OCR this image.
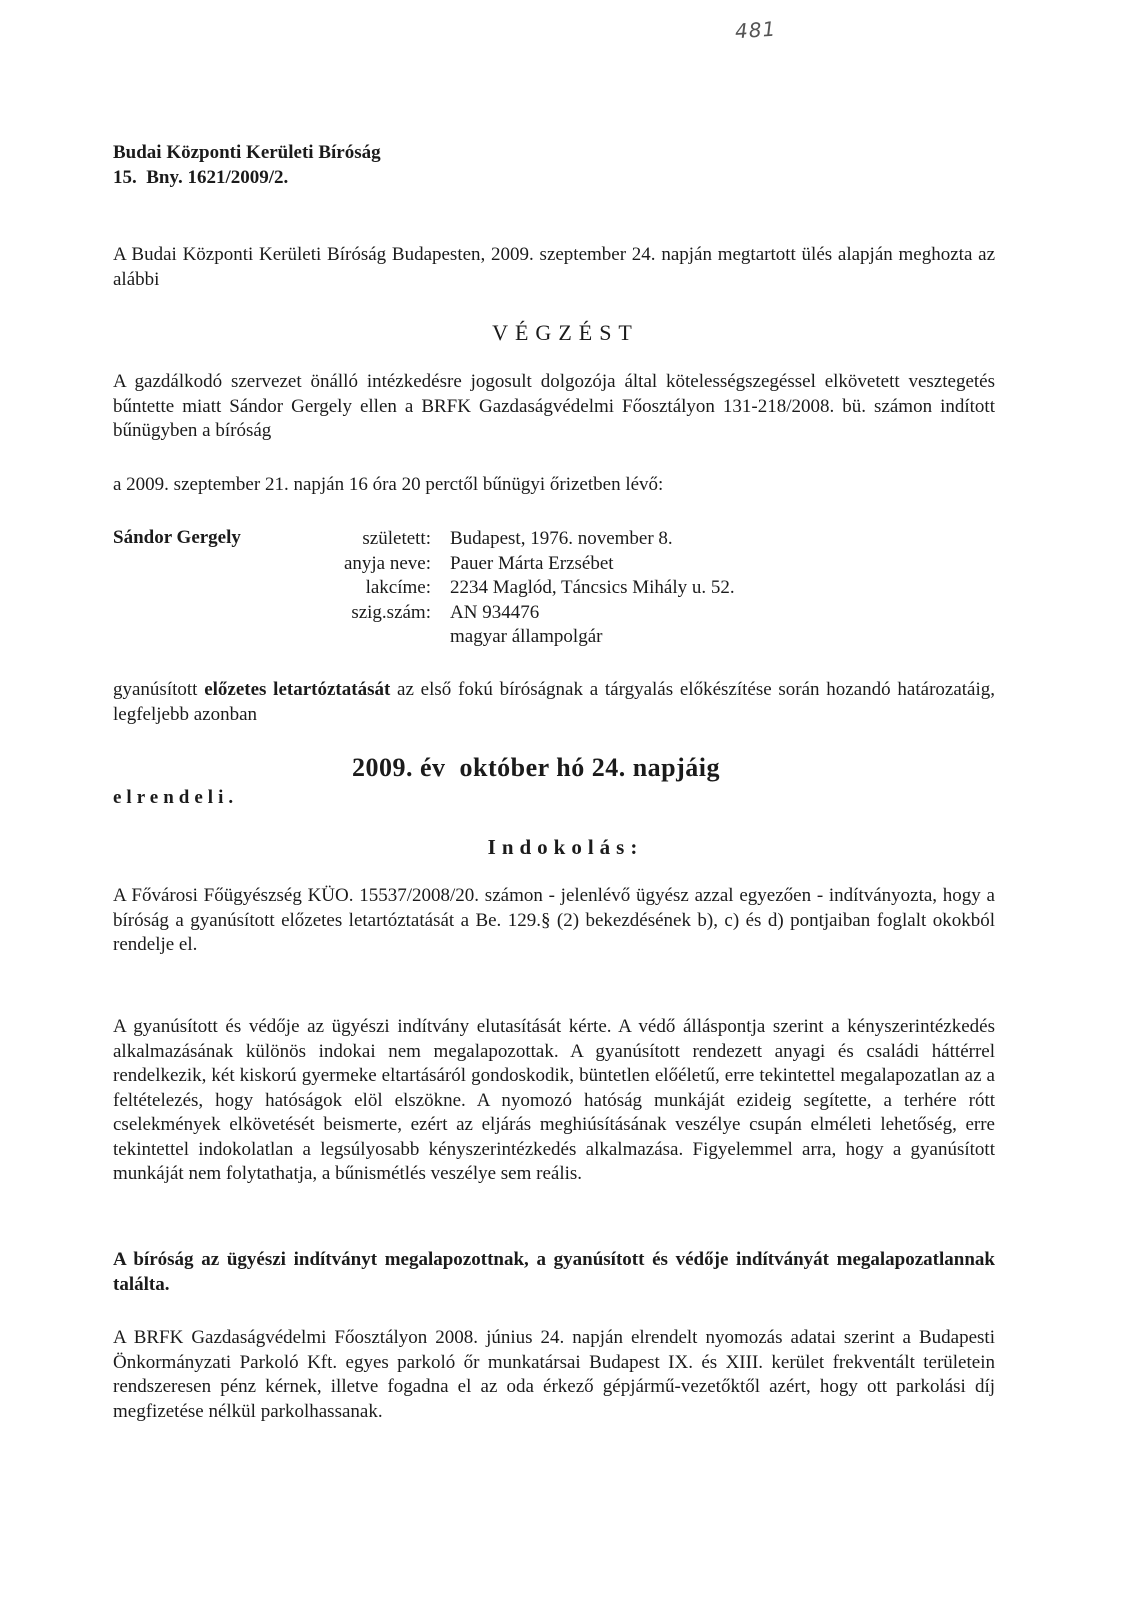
481
Budai Központi Kerületi Bíróság
15.  Bny. 1621/2009/2.
A Budai Központi Kerületi Bíróság Budapesten, 2009. szeptember 24. napján megtartott ülés alapján meghozta az alábbi
VÉGZÉST
A gazdálkodó szervezet önálló intézkedésre jogosult dolgozója által kötelességszegéssel elkövetett vesztegetés bűntette miatt Sándor Gergely ellen a BRFK Gazdaságvédelmi Főosztályon 131-218/2008. bü. számon indított bűnügyben a bíróság
a 2009. szeptember 21. napján 16 óra 20 perctől bűnügyi őrizetben lévő:
Sándor Gergely	született:
anyja neve:
lakcíme:
szig.szám:
Budapest, 1976. november 8.
Pauer Márta Erzsébet
2234 Maglód, Táncsics Mihály u. 52.
AN 934476
magyar állampolgár
gyanúsított előzetes letartóztatását az első fokú bíróságnak a tárgyalás előkészítése során hozandó határozatáig, legfeljebb azonban
2009. év  október hó 24. napjáig
elrendeli.
Indokolás:
A Fővárosi Főügyészség KÜO. 15537/2008/20. számon - jelenlévő ügyész azzal egyezően - indítványozta, hogy a bíróság a gyanúsított előzetes letartóztatását a Be. 129.§ (2) bekezdésének b), c) és d) pontjaiban foglalt okokból rendelje el.
A gyanúsított és védője az ügyészi indítvány elutasítását kérte. A védő álláspontja szerint a kényszerintézkedés alkalmazásának különös indokai nem megalapozottak. A gyanúsított rendezett anyagi és családi háttérrel rendelkezik, két kiskorú gyermeke eltartásáról gondoskodik, büntetlen előéletű, erre tekintettel megalapozatlan az a feltételezés, hogy hatóságok elöl elszökne. A nyomozó hatóság munkáját ezideig segítette, a terhére rótt cselekmények elkövetését beismerte, ezért az eljárás meghiúsításának veszélye csupán elméleti lehetőség, erre tekintettel indokolatlan a legsúlyosabb kényszerintézkedés alkalmazása. Figyelemmel arra, hogy a gyanúsított munkáját nem folytathatja, a bűnismétlés veszélye sem reális.
A bíróság az ügyészi indítványt megalapozottnak, a gyanúsított és védője indítványát megalapozatlannak találta.
A BRFK Gazdaságvédelmi Főosztályon 2008. június 24. napján elrendelt nyomozás adatai szerint a Budapesti Önkormányzati Parkoló Kft. egyes parkoló őr munkatársai Budapest IX. és XIII. kerület frekventált területein rendszeresen pénz kérnek, illetve fogadna el az oda érkező gépjármű-vezetőktől azért, hogy ott parkolási díj megfizetése nélkül parkolhassanak.
